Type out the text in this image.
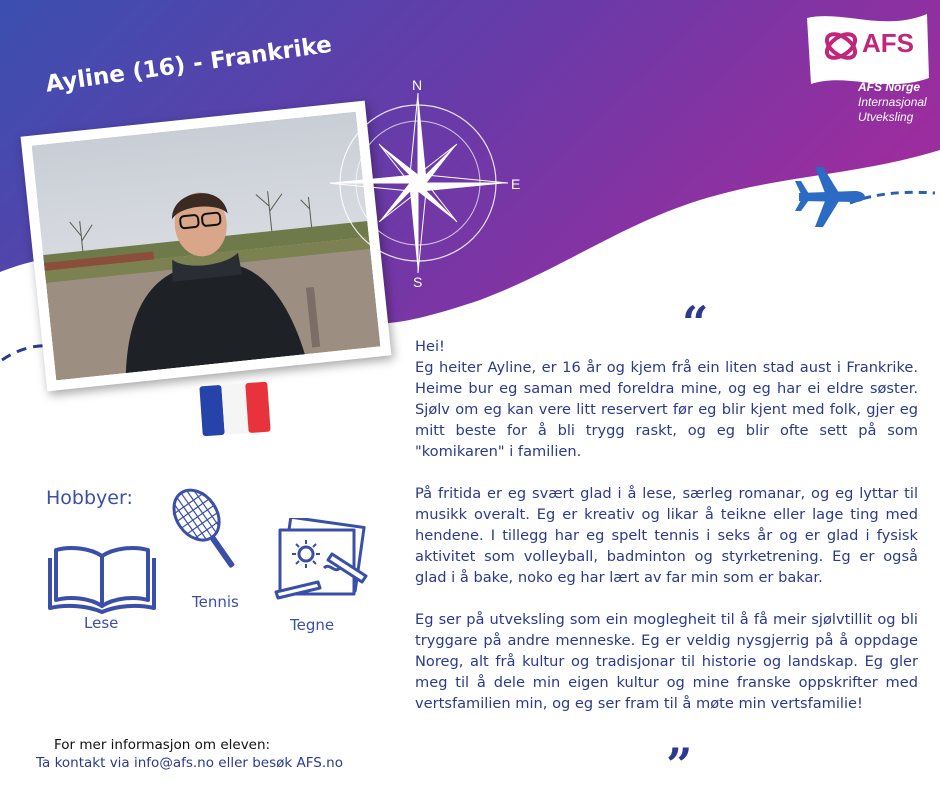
Ayline (16) - Frankrike	N
E
S
AFS
AFS Norge
Internasjonal
Utveksling
“
”
Hei!

Eg heiter Ayline, er 16 år og kjem frå ein liten stad aust i Frankrike. Heime bur eg saman med foreldra mine, og eg har ei eldre søster. Sjølv om eg kan vere litt reservert før eg blir kjent med folk, gjer eg mitt beste for å bli trygg raskt, og eg blir ofte sett på som "komikaren" i familien.

På fritida er eg svært glad i å lese, særleg romanar, og eg lyttar til musikk overalt. Eg er kreativ og likar å teikne eller lage ting med hendene. I tillegg har eg spelt tennis i seks år og er glad i fysisk aktivitet som volleyball, badminton og styrketrening. Eg er også glad i å bake, noko eg har lært av far min som er bakar.

Eg ser på utveksling som ein moglegheit til å få meir sjølvtillit og bli tryggare på andre menneske. Eg er veldig nysgjerrig på å oppdage Noreg, alt frå kultur og tradisjonar til historie og landskap. Eg gler meg til å dele min eigen kultur og mine franske oppskrifter med vertsfamilien min, og eg ser fram til å møte min vertsfamilie!

Hobbyer:
Lese
Tennis
Tegne
For mer informasjon om eleven:
Ta kontakt via info@afs.no eller besøk AFS.no
